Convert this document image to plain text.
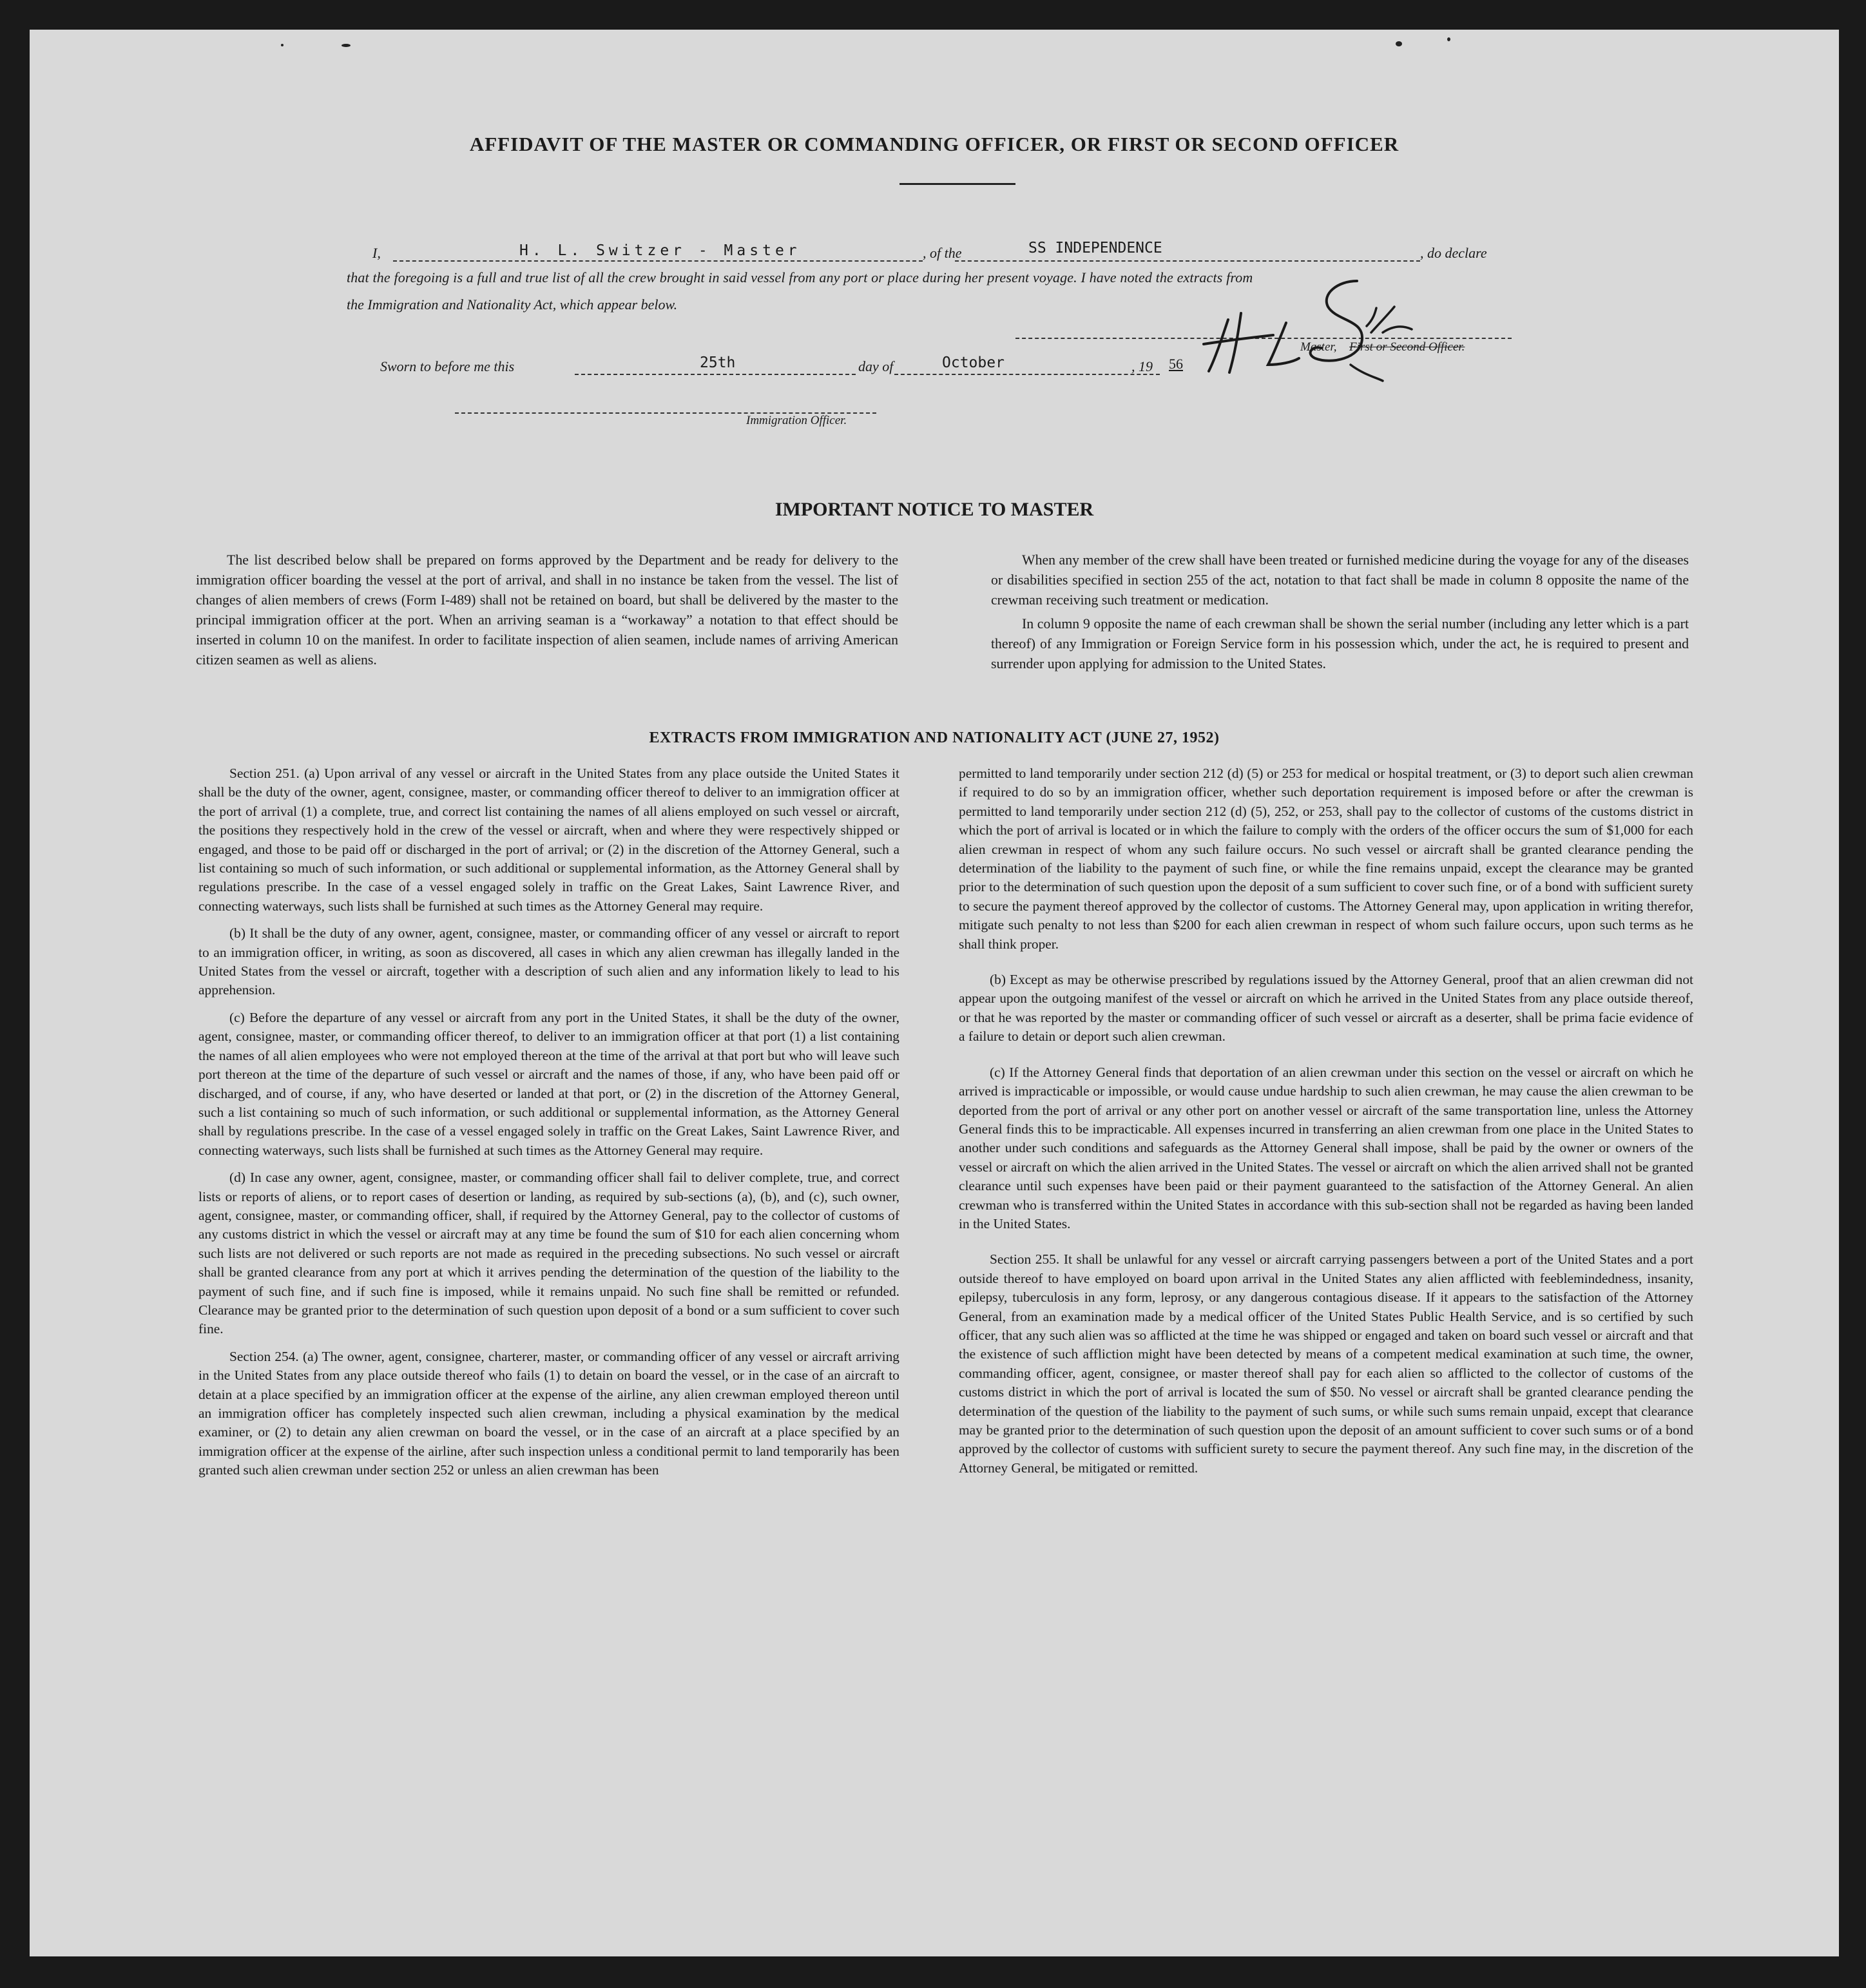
AFFIDAVIT OF THE MASTER OR COMMANDING OFFICER, OR FIRST OR SECOND OFFICER
I,	H. L. Switzer - Master	, of the	SS INDEPENDENCE	, do declare
that the foregoing is a full and true list of all the crew brought in said vessel from any port or place during her present voyage. I have noted the extracts from
the Immigration and Nationality Act, which appear below.
Master, First or Second Officer.
Sworn to before me this	25th	day of	October	, 19 56
Immigration Officer.
IMPORTANT NOTICE TO MASTER

The list described below shall be prepared on forms approved by the Department and be ready for delivery to the immigration officer boarding the vessel at the port of arrival, and shall in no instance be taken from the vessel. The list of changes of alien members of crews (Form I-489) shall not be retained on board, but shall be delivered by the master to the principal immigration officer at the port. When an arriving seaman is a “workaway” a notation to that effect should be inserted in column 10 on the manifest. In order to facilitate inspection of alien seamen, include names of arriving American citizen seamen as well as aliens.

When any member of the crew shall have been treated or furnished medicine during the voyage for any of the diseases or disabilities specified in section 255 of the act, notation to that fact shall be made in column 8 opposite the name of the crewman receiving such treatment or medication.

In column 9 opposite the name of each crewman shall be shown the serial number (including any letter which is a part thereof) of any Immigration or Foreign Service form in his possession which, under the act, he is required to present and surrender upon applying for admission to the United States.

EXTRACTS FROM IMMIGRATION AND NATIONALITY ACT (JUNE 27, 1952)

Section 251. (a) Upon arrival of any vessel or aircraft in the United States from any place outside the United States it shall be the duty of the owner, agent, consignee, master, or commanding officer thereof to deliver to an immigration officer at the port of arrival (1) a complete, true, and correct list containing the names of all aliens employed on such vessel or aircraft, the positions they respectively hold in the crew of the vessel or aircraft, when and where they were respectively shipped or engaged, and those to be paid off or discharged in the port of arrival; or (2) in the discretion of the Attorney General, such a list containing so much of such information, or such additional or supplemental information, as the Attorney General shall by regulations prescribe. In the case of a vessel engaged solely in traffic on the Great Lakes, Saint Lawrence River, and connecting waterways, such lists shall be furnished at such times as the Attorney General may require.

(b) It shall be the duty of any owner, agent, consignee, master, or commanding officer of any vessel or aircraft to report to an immigration officer, in writing, as soon as discovered, all cases in which any alien crewman has illegally landed in the United States from the vessel or aircraft, together with a description of such alien and any information likely to lead to his apprehension.

(c) Before the departure of any vessel or aircraft from any port in the United States, it shall be the duty of the owner, agent, consignee, master, or commanding officer thereof, to deliver to an immigration officer at that port (1) a list containing the names of all alien employees who were not employed thereon at the time of the arrival at that port but who will leave such port thereon at the time of the departure of such vessel or aircraft and the names of those, if any, who have been paid off or discharged, and of course, if any, who have deserted or landed at that port, or (2) in the discretion of the Attorney General, such a list containing so much of such information, or such additional or supplemental information, as the Attorney General shall by regulations prescribe. In the case of a vessel engaged solely in traffic on the Great Lakes, Saint Lawrence River, and connecting waterways, such lists shall be furnished at such times as the Attorney General may require.

(d) In case any owner, agent, consignee, master, or commanding officer shall fail to deliver complete, true, and correct lists or reports of aliens, or to report cases of desertion or landing, as required by sub-sections (a), (b), and (c), such owner, agent, consignee, master, or commanding officer, shall, if required by the Attorney General, pay to the collector of customs of any customs district in which the vessel or aircraft may at any time be found the sum of $10 for each alien concerning whom such lists are not delivered or such reports are not made as required in the preceding subsections. No such vessel or aircraft shall be granted clearance from any port at which it arrives pending the determination of the question of the liability to the payment of such fine, and if such fine is imposed, while it remains unpaid. No such fine shall be remitted or refunded. Clearance may be granted prior to the determination of such question upon deposit of a bond or a sum sufficient to cover such fine.

Section 254. (a) The owner, agent, consignee, charterer, master, or commanding officer of any vessel or aircraft arriving in the United States from any place outside thereof who fails (1) to detain on board the vessel, or in the case of an aircraft to detain at a place specified by an immigration officer at the expense of the airline, any alien crewman employed thereon until an immigration officer has completely inspected such alien crewman, including a physical examination by the medical examiner, or (2) to detain any alien crewman on board the vessel, or in the case of an aircraft at a place specified by an immigration officer at the expense of the airline, after such inspection unless a conditional permit to land temporarily has been granted such alien crewman under section 252 or unless an alien crewman has been

permitted to land temporarily under section 212 (d) (5) or 253 for medical or hospital treatment, or (3) to deport such alien crewman if required to do so by an immigration officer, whether such deportation requirement is imposed before or after the crewman is permitted to land temporarily under section 212 (d) (5), 252, or 253, shall pay to the collector of customs of the customs district in which the port of arrival is located or in which the failure to comply with the orders of the officer occurs the sum of $1,000 for each alien crewman in respect of whom any such failure occurs. No such vessel or aircraft shall be granted clearance pending the determination of the liability to the payment of such fine, or while the fine remains unpaid, except the clearance may be granted prior to the determination of such question upon the deposit of a sum sufficient to cover such fine, or of a bond with sufficient surety to secure the payment thereof approved by the collector of customs. The Attorney General may, upon application in writing therefor, mitigate such penalty to not less than $200 for each alien crewman in respect of whom such failure occurs, upon such terms as he shall think proper.

(b) Except as may be otherwise prescribed by regulations issued by the Attorney General, proof that an alien crewman did not appear upon the outgoing manifest of the vessel or aircraft on which he arrived in the United States from any place outside thereof, or that he was reported by the master or commanding officer of such vessel or aircraft as a deserter, shall be prima facie evidence of a failure to detain or deport such alien crewman.

(c) If the Attorney General finds that deportation of an alien crewman under this section on the vessel or aircraft on which he arrived is impracticable or impossible, or would cause undue hardship to such alien crewman, he may cause the alien crewman to be deported from the port of arrival or any other port on another vessel or aircraft of the same transportation line, unless the Attorney General finds this to be impracticable. All expenses incurred in transferring an alien crewman from one place in the United States to another under such conditions and safeguards as the Attorney General shall impose, shall be paid by the owner or owners of the vessel or aircraft on which the alien arrived in the United States. The vessel or aircraft on which the alien arrived shall not be granted clearance until such expenses have been paid or their payment guaranteed to the satisfaction of the Attorney General. An alien crewman who is transferred within the United States in accordance with this sub-section shall not be regarded as having been landed in the United States.

Section 255. It shall be unlawful for any vessel or aircraft carrying passengers between a port of the United States and a port outside thereof to have employed on board upon arrival in the United States any alien afflicted with feeblemindedness, insanity, epilepsy, tuberculosis in any form, leprosy, or any dangerous contagious disease. If it appears to the satisfaction of the Attorney General, from an examination made by a medical officer of the United States Public Health Service, and is so certified by such officer, that any such alien was so afflicted at the time he was shipped or engaged and taken on board such vessel or aircraft and that the existence of such affliction might have been detected by means of a competent medical examination at such time, the owner, commanding officer, agent, consignee, or master thereof shall pay for each alien so afflicted to the collector of customs of the customs district in which the port of arrival is located the sum of $50. No vessel or aircraft shall be granted clearance pending the determination of the question of the liability to the payment of such sums, or while such sums remain unpaid, except that clearance may be granted prior to the determination of such question upon the deposit of an amount sufficient to cover such sums or of a bond approved by the collector of customs with sufficient surety to secure the payment thereof. Any such fine may, in the discretion of the Attorney General, be mitigated or remitted.
